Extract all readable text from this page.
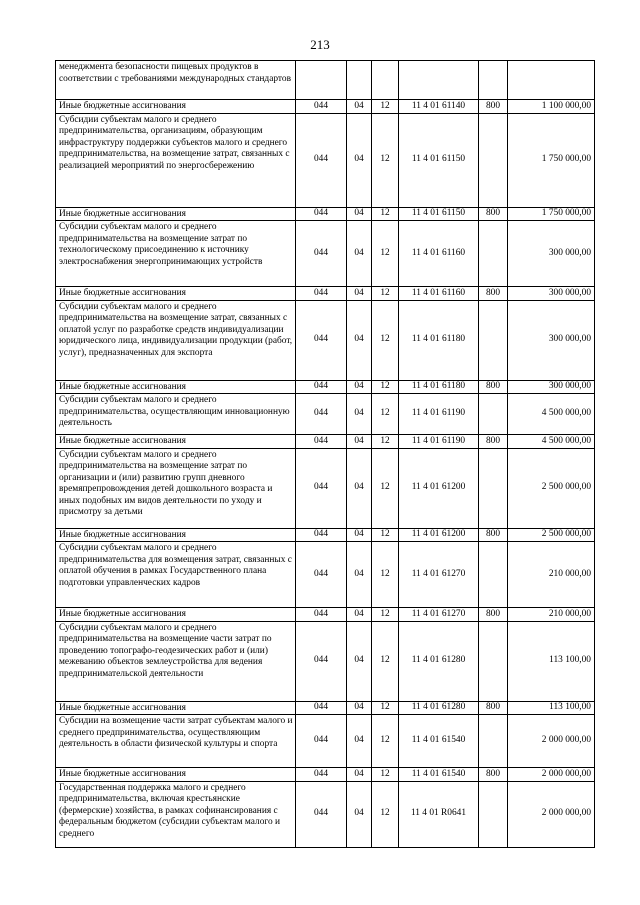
213
менеджмента безопасности пищевых продуктов в соответствии с требованиями международных стандартов						
Иные бюджетные ассигнования	044	04	12	11 4 01 61140	800	1 100 000,00
Субсидии субъектам малого и среднего предпринимательства, организациям, образующим инфраструктуру поддержки субъектов малого и среднего предпринимательства, на возмещение затрат, связанных с реализацией мероприятий по энергосбережению	044	04	12	11 4 01 61150		1 750 000,00
Иные бюджетные ассигнования	044	04	12	11 4 01 61150	800	1 750 000,00
Субсидии субъектам малого и среднего предпринимательства на возмещение затрат по технологическому присоединению к источнику электроснабжения энергопринимающих устройств	044	04	12	11 4 01 61160		300 000,00
Иные бюджетные ассигнования	044	04	12	11 4 01 61160	800	300 000,00
Субсидии субъектам малого и среднего предпринимательства на возмещение затрат, связанных с оплатой услуг по разработке средств индивидуализации юридического лица, индивидуализации продукции (работ, услуг), предназначенных для экспорта	044	04	12	11 4 01 61180		300 000,00
Иные бюджетные ассигнования	044	04	12	11 4 01 61180	800	300 000,00
Субсидии субъектам малого и среднего предпринимательства, осуществляющим инновационную деятельность	044	04	12	11 4 01 61190		4 500 000,00
Иные бюджетные ассигнования	044	04	12	11 4 01 61190	800	4 500 000,00
Субсидии субъектам малого и среднего предпринимательства на возмещение затрат по организации и (или) развитию групп дневного времяпрепровождения детей дошкольного возраста и иных подобных им видов деятельности по уходу и присмотру за детьми	044	04	12	11 4 01 61200		2 500 000,00
Иные бюджетные ассигнования	044	04	12	11 4 01 61200	800	2 500 000,00
Субсидии субъектам малого и среднего предпринимательства для возмещения затрат, связанных с оплатой обучения в рамках Государственного плана подготовки управленческих кадров	044	04	12	11 4 01 61270		210 000,00
Иные бюджетные ассигнования	044	04	12	11 4 01 61270	800	210 000,00
Субсидии субъектам малого и среднего предпринимательства на возмещение части затрат по проведению топографо-геодезических работ и (или) межеванию объектов землеустройства для ведения предпринимательской деятельности	044	04	12	11 4 01 61280		113 100,00
Иные бюджетные ассигнования	044	04	12	11 4 01 61280	800	113 100,00
Субсидии на возмещение части затрат субъектам малого и среднего предпринимательства, осуществляющим деятельность в области физической культуры и спорта	044	04	12	11 4 01 61540		2 000 000,00
Иные бюджетные ассигнования	044	04	12	11 4 01 61540	800	2 000 000,00
Государственная поддержка малого и среднего предпринимательства, включая крестьянские (фермерские) хозяйства, в рамках софинансирования с федеральным бюджетом (субсидии субъектам малого и среднего	044	04	12	11 4 01 R0641		2 000 000,00
